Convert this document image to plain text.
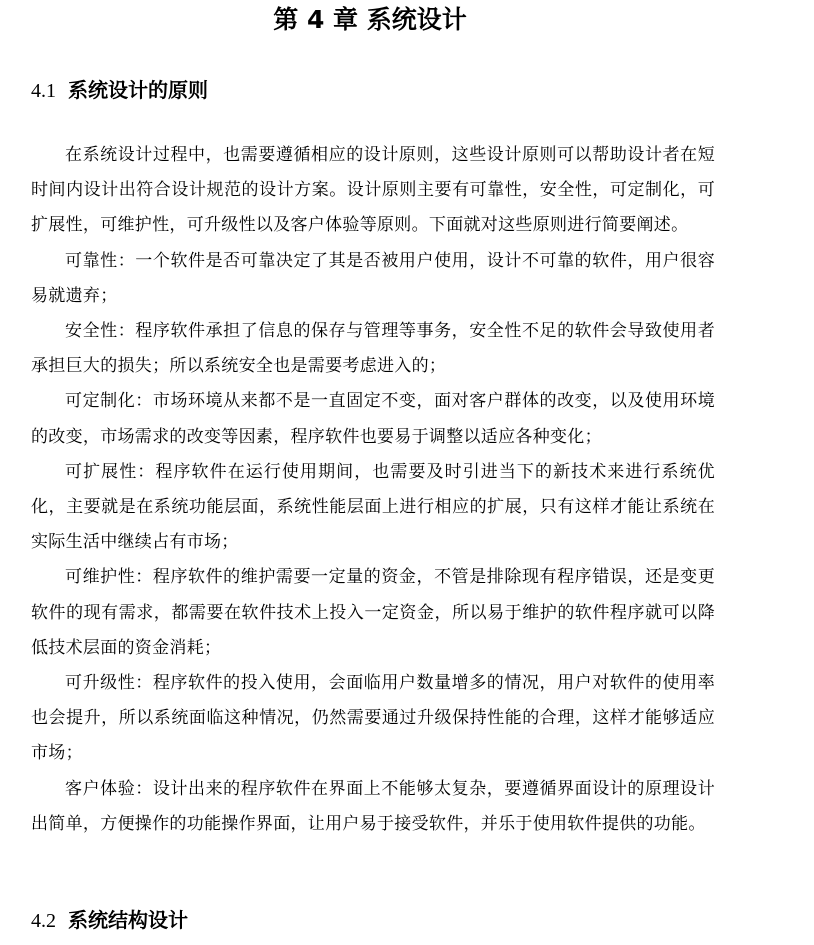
第 4 章 系统设计
4.1 系统设计的原则

在系统设计过程中，也需要遵循相应的设计原则，这些设计原则可以帮助设计者在短时间内设计出符合设计规范的设计方案。设计原则主要有可靠性，安全性，可定制化，可扩展性，可维护性，可升级性以及客户体验等原则。下面就对这些原则进行简要阐述。

可靠性：一个软件是否可靠决定了其是否被用户使用，设计不可靠的软件，用户很容易就遗弃；

安全性：程序软件承担了信息的保存与管理等事务，安全性不足的软件会导致使用者承担巨大的损失；所以系统安全也是需要考虑进入的；

可定制化：市场环境从来都不是一直固定不变，面对客户群体的改变，以及使用环境的改变，市场需求的改变等因素，程序软件也要易于调整以适应各种变化；

可扩展性：程序软件在运行使用期间，也需要及时引进当下的新技术来进行系统优化，主要就是在系统功能层面，系统性能层面上进行相应的扩展，只有这样才能让系统在实际生活中继续占有市场；

可维护性：程序软件的维护需要一定量的资金，不管是排除现有程序错误，还是变更软件的现有需求，都需要在软件技术上投入一定资金，所以易于维护的软件程序就可以降低技术层面的资金消耗；

可升级性：程序软件的投入使用，会面临用户数量增多的情况，用户对软件的使用率也会提升，所以系统面临这种情况，仍然需要通过升级保持性能的合理，这样才能够适应市场；

客户体验：设计出来的程序软件在界面上不能够太复杂，要遵循界面设计的原理设计出简单，方便操作的功能操作界面，让用户易于接受软件，并乐于使用软件提供的功能。

4.2 系统结构设计
